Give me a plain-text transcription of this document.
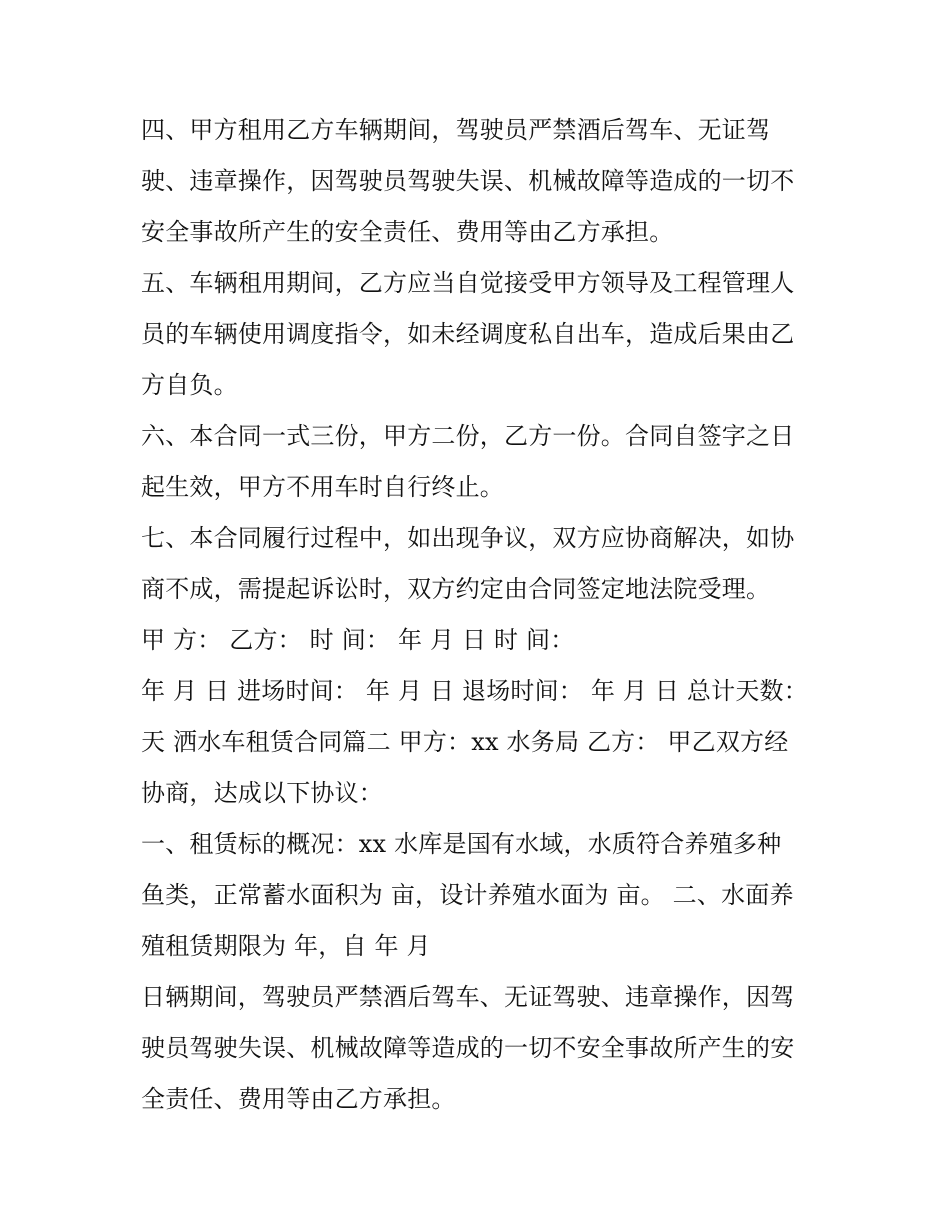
四、甲方租用乙方车辆期间，驾驶员严禁酒后驾车、无证驾
驶、违章操作，因驾驶员驾驶失误、机械故障等造成的一切不
安全事故所产生的安全责任、费用等由乙方承担。
五、车辆租用期间，乙方应当自觉接受甲方领导及工程管理人
员的车辆使用调度指令，如未经调度私自出车，造成后果由乙
方自负。
六、本合同一式三份，甲方二份，乙方一份。合同自签字之日
起生效，甲方不用车时自行终止。
七、本合同履行过程中，如出现争议，双方应协商解决，如协
商不成，需提起诉讼时，双方约定由合同签定地法院受理。
甲 方： 乙方： 时 间： 年 月 日 时 间：
年 月 日 进场时间： 年 月 日 退场时间： 年 月 日 总计天数：
天 洒水车租赁合同篇二 甲方：xx 水务局 乙方： 甲乙双方经
协商，达成以下协议：
一、租赁标的概况：xx 水库是国有水域，水质符合养殖多种
鱼类，正常蓄水面积为 亩，设计养殖水面为 亩。 二、水面养
殖租赁期限为 年，自 年 月
日辆期间，驾驶员严禁酒后驾车、无证驾驶、违章操作，因驾
驶员驾驶失误、机械故障等造成的一切不安全事故所产生的安
全责任、费用等由乙方承担。
